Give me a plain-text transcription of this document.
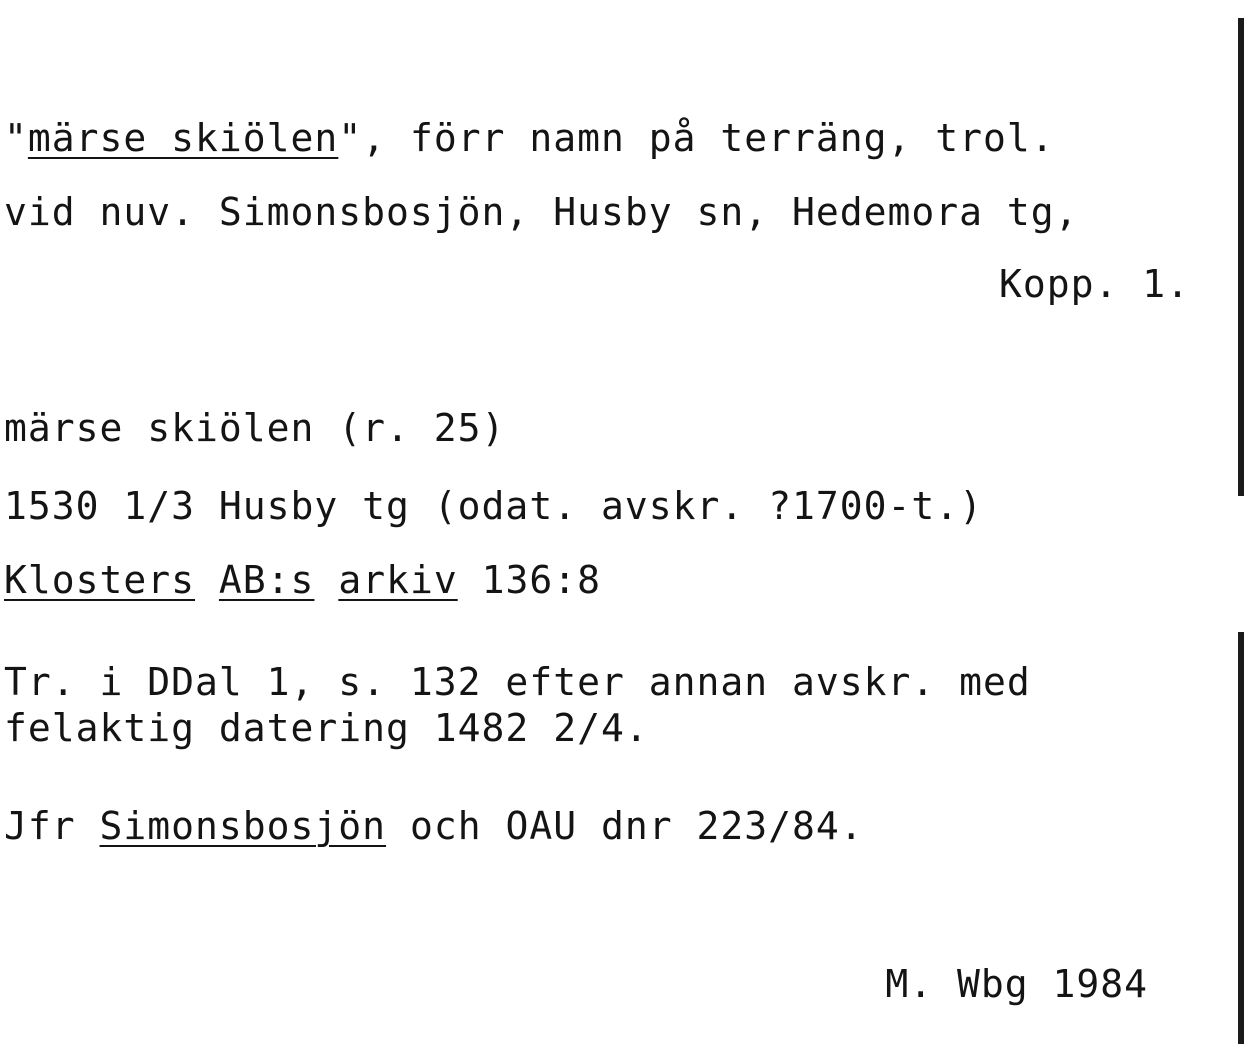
"märse skiölen", förr namn på terräng, trol.
vid nuv. Simonsbosjön, Husby sn, Hedemora tg,
Kopp. 1.
märse skiölen (r. 25)
1530 1/3 Husby tg (odat. avskr. ?1700-t.)
Klosters AB:s arkiv 136:8
Tr. i DDal 1, s. 132 efter annan avskr. med
felaktig datering 1482 2/4.
Jfr Simonsbosjön och OAU dnr 223/84.
M. Wbg 1984
